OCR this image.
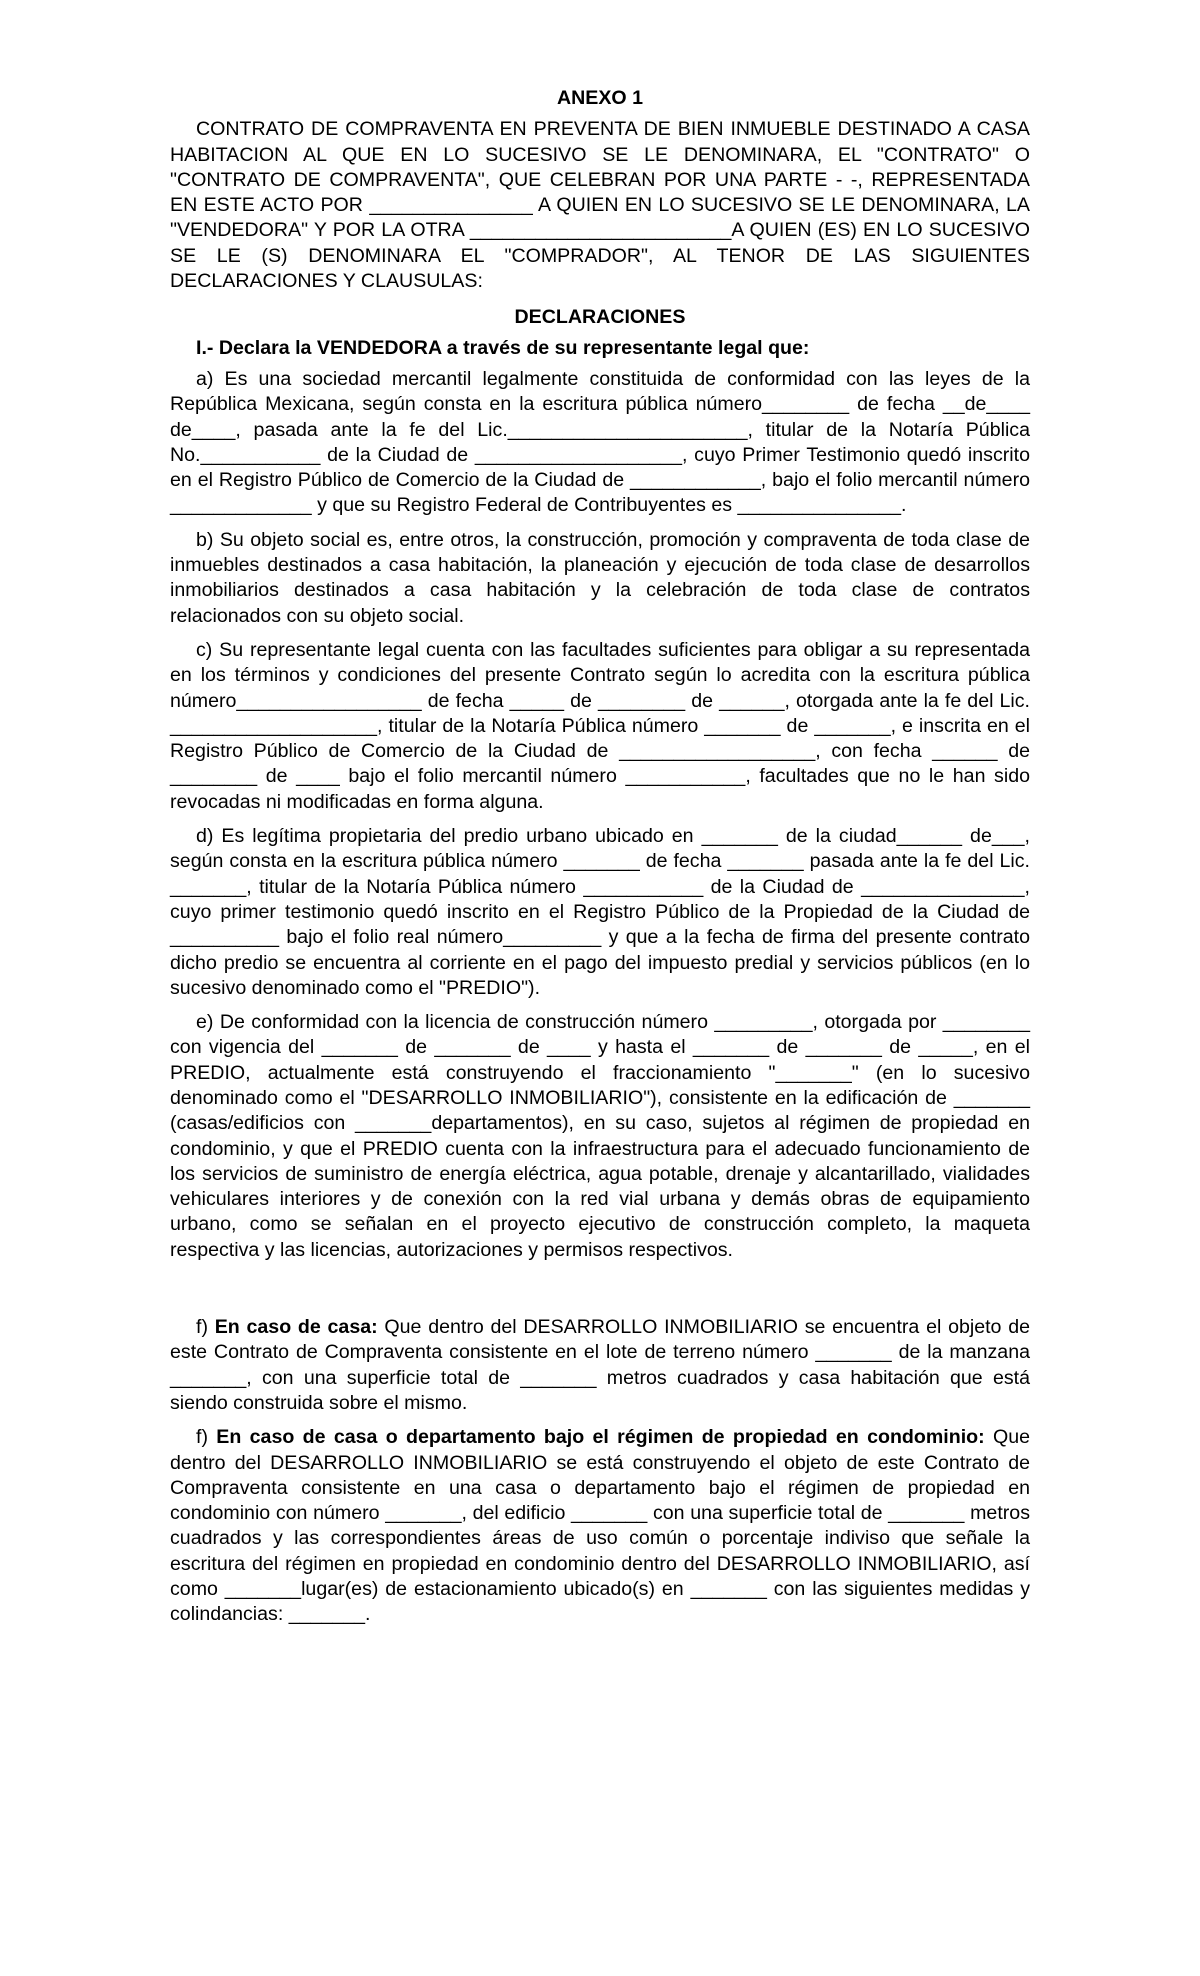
ANEXO 1

CONTRATO DE COMPRAVENTA EN PREVENTA DE BIEN INMUEBLE DESTINADO A CASA HABITACION AL QUE EN LO SUCESIVO SE LE DENOMINARA, EL "CONTRATO" O "CONTRATO DE COMPRAVENTA", QUE CELEBRAN POR UNA PARTE - -, REPRESENTADA EN ESTE ACTO POR _______________ A QUIEN EN LO SUCESIVO SE LE DENOMINARA, LA "VENDEDORA" Y POR LA OTRA ________________________A QUIEN (ES) EN LO SUCESIVO SE LE (S) DENOMINARA EL "COMPRADOR", AL TENOR DE LAS SIGUIENTES DECLARACIONES Y CLAUSULAS:

DECLARACIONES

I.- Declara la VENDEDORA a través de su representante legal que:

a) Es una sociedad mercantil legalmente constituida de conformidad con las leyes de la República Mexicana, según consta en la escritura pública número________ de fecha __de____ de____, pasada ante la fe del Lic.______________________, titular de la Notaría Pública No.___________ de la Ciudad de ___________________, cuyo Primer Testimonio quedó inscrito en el Registro Público de Comercio de la Ciudad de ____________, bajo el folio mercantil número _____________ y que su Registro Federal de Contribuyentes es _______________.

b) Su objeto social es, entre otros, la construcción, promoción y compraventa de toda clase de inmuebles destinados a casa habitación, la planeación y ejecución de toda clase de desarrollos inmobiliarios destinados a casa habitación y la celebración de toda clase de contratos relacionados con su objeto social.

c) Su representante legal cuenta con las facultades suficientes para obligar a su representada en los términos y condiciones del presente Contrato según lo acredita con la escritura pública número_________________ de fecha _____ de ________ de ______, otorgada ante la fe del Lic. ___________________, titular de la Notaría Pública número _______ de _______, e inscrita en el Registro Público de Comercio de la Ciudad de __________________, con fecha ______ de ________ de ____ bajo el folio mercantil número ___________, facultades que no le han sido revocadas ni modificadas en forma alguna.

d) Es legítima propietaria del predio urbano ubicado en _______ de la ciudad______ de___, según consta en la escritura pública número _______ de fecha _______ pasada ante la fe del Lic. _______, titular de la Notaría Pública número ___________ de la Ciudad de _______________, cuyo primer testimonio quedó inscrito en el Registro Público de la Propiedad de la Ciudad de __________ bajo el folio real número_________ y que a la fecha de firma del presente contrato dicho predio se encuentra al corriente en el pago del impuesto predial y servicios públicos (en lo sucesivo denominado como el "PREDIO").

e) De conformidad con la licencia de construcción número _________, otorgada por ________ con vigencia del _______ de _______ de ____ y hasta el _______ de _______ de _____, en el PREDIO, actualmente está construyendo el fraccionamiento "_______" (en lo sucesivo denominado como el "DESARROLLO INMOBILIARIO"), consistente en la edificación de _______ (casas/edificios con _______departamentos), en su caso, sujetos al régimen de propiedad en condominio, y que el PREDIO cuenta con la infraestructura para el adecuado funcionamiento de los servicios de suministro de energía eléctrica, agua potable, drenaje y alcantarillado, vialidades vehiculares interiores y de conexión con la red vial urbana y demás obras de equipamiento urbano, como se señalan en el proyecto ejecutivo de construcción completo, la maqueta respectiva y las licencias, autorizaciones y permisos respectivos.

f) En caso de casa: Que dentro del DESARROLLO INMOBILIARIO se encuentra el objeto de este Contrato de Compraventa consistente en el lote de terreno número _______ de la manzana _______, con una superficie total de _______ metros cuadrados y casa habitación que está siendo construida sobre el mismo.

f) En caso de casa o departamento bajo el régimen de propiedad en condominio: Que dentro del DESARROLLO INMOBILIARIO se está construyendo el objeto de este Contrato de Compraventa consistente en una casa o departamento bajo el régimen de propiedad en condominio con número _______, del edificio _______ con una superficie total de _______ metros cuadrados y las correspondientes áreas de uso común o porcentaje indiviso que señale la escritura del régimen en propiedad en condominio dentro del DESARROLLO INMOBILIARIO, así como _______lugar(es) de estacionamiento ubicado(s) en _______ con las siguientes medidas y colindancias: _______.
